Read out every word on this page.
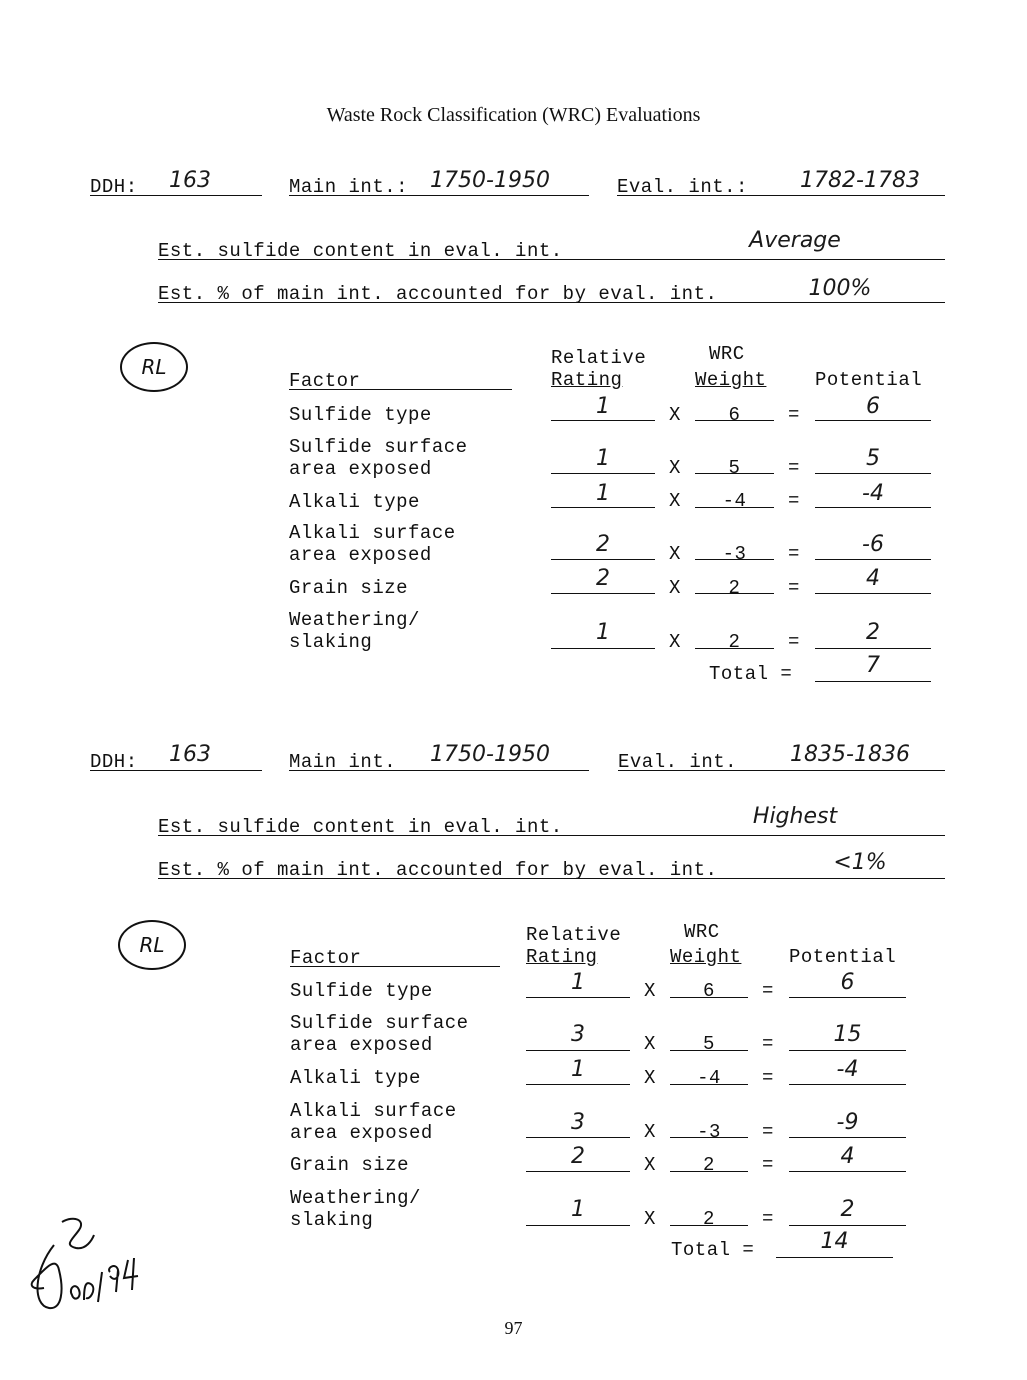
Waste Rock Classification (WRC) Evaluations
DDH:	163	Main int.:	1750-1950	Eval. int.:	1782-1783
Est. sulfide content in eval. int.	Average
Est. % of main int. accounted for by eval. int.	100%
RL	Relative	WRC
Factor	Rating	Weight	Potential
Sulfide type	1	X	6	=	6
Sulfide surface
area exposed	1	X	5	=	5
Alkali type	1	X	-4	=	-4
Alkali surface
area exposed	2	X	-3	=	-6
Grain size	2	X	2	=	4
Weathering/
slaking	1	X	2	=	2
Total =	7
DDH:	163	Main int.	1750-1950	Eval. int.	1835-1836
Est. sulfide content in eval. int.	Highest
Est. % of main int. accounted for by eval. int.	<1%
RL	Relative	WRC
Factor	Rating	Weight	Potential
Sulfide type	1	X	6	=	6
Sulfide surface
area exposed	3	X	5	=	15
Alkali type	1	X	-4	=	-4
Alkali surface
area exposed	3	X	-3	=	-9
Grain size	2	X	2	=	4
Weathering/
slaking	1	X	2	=	2
Total =	14
97
